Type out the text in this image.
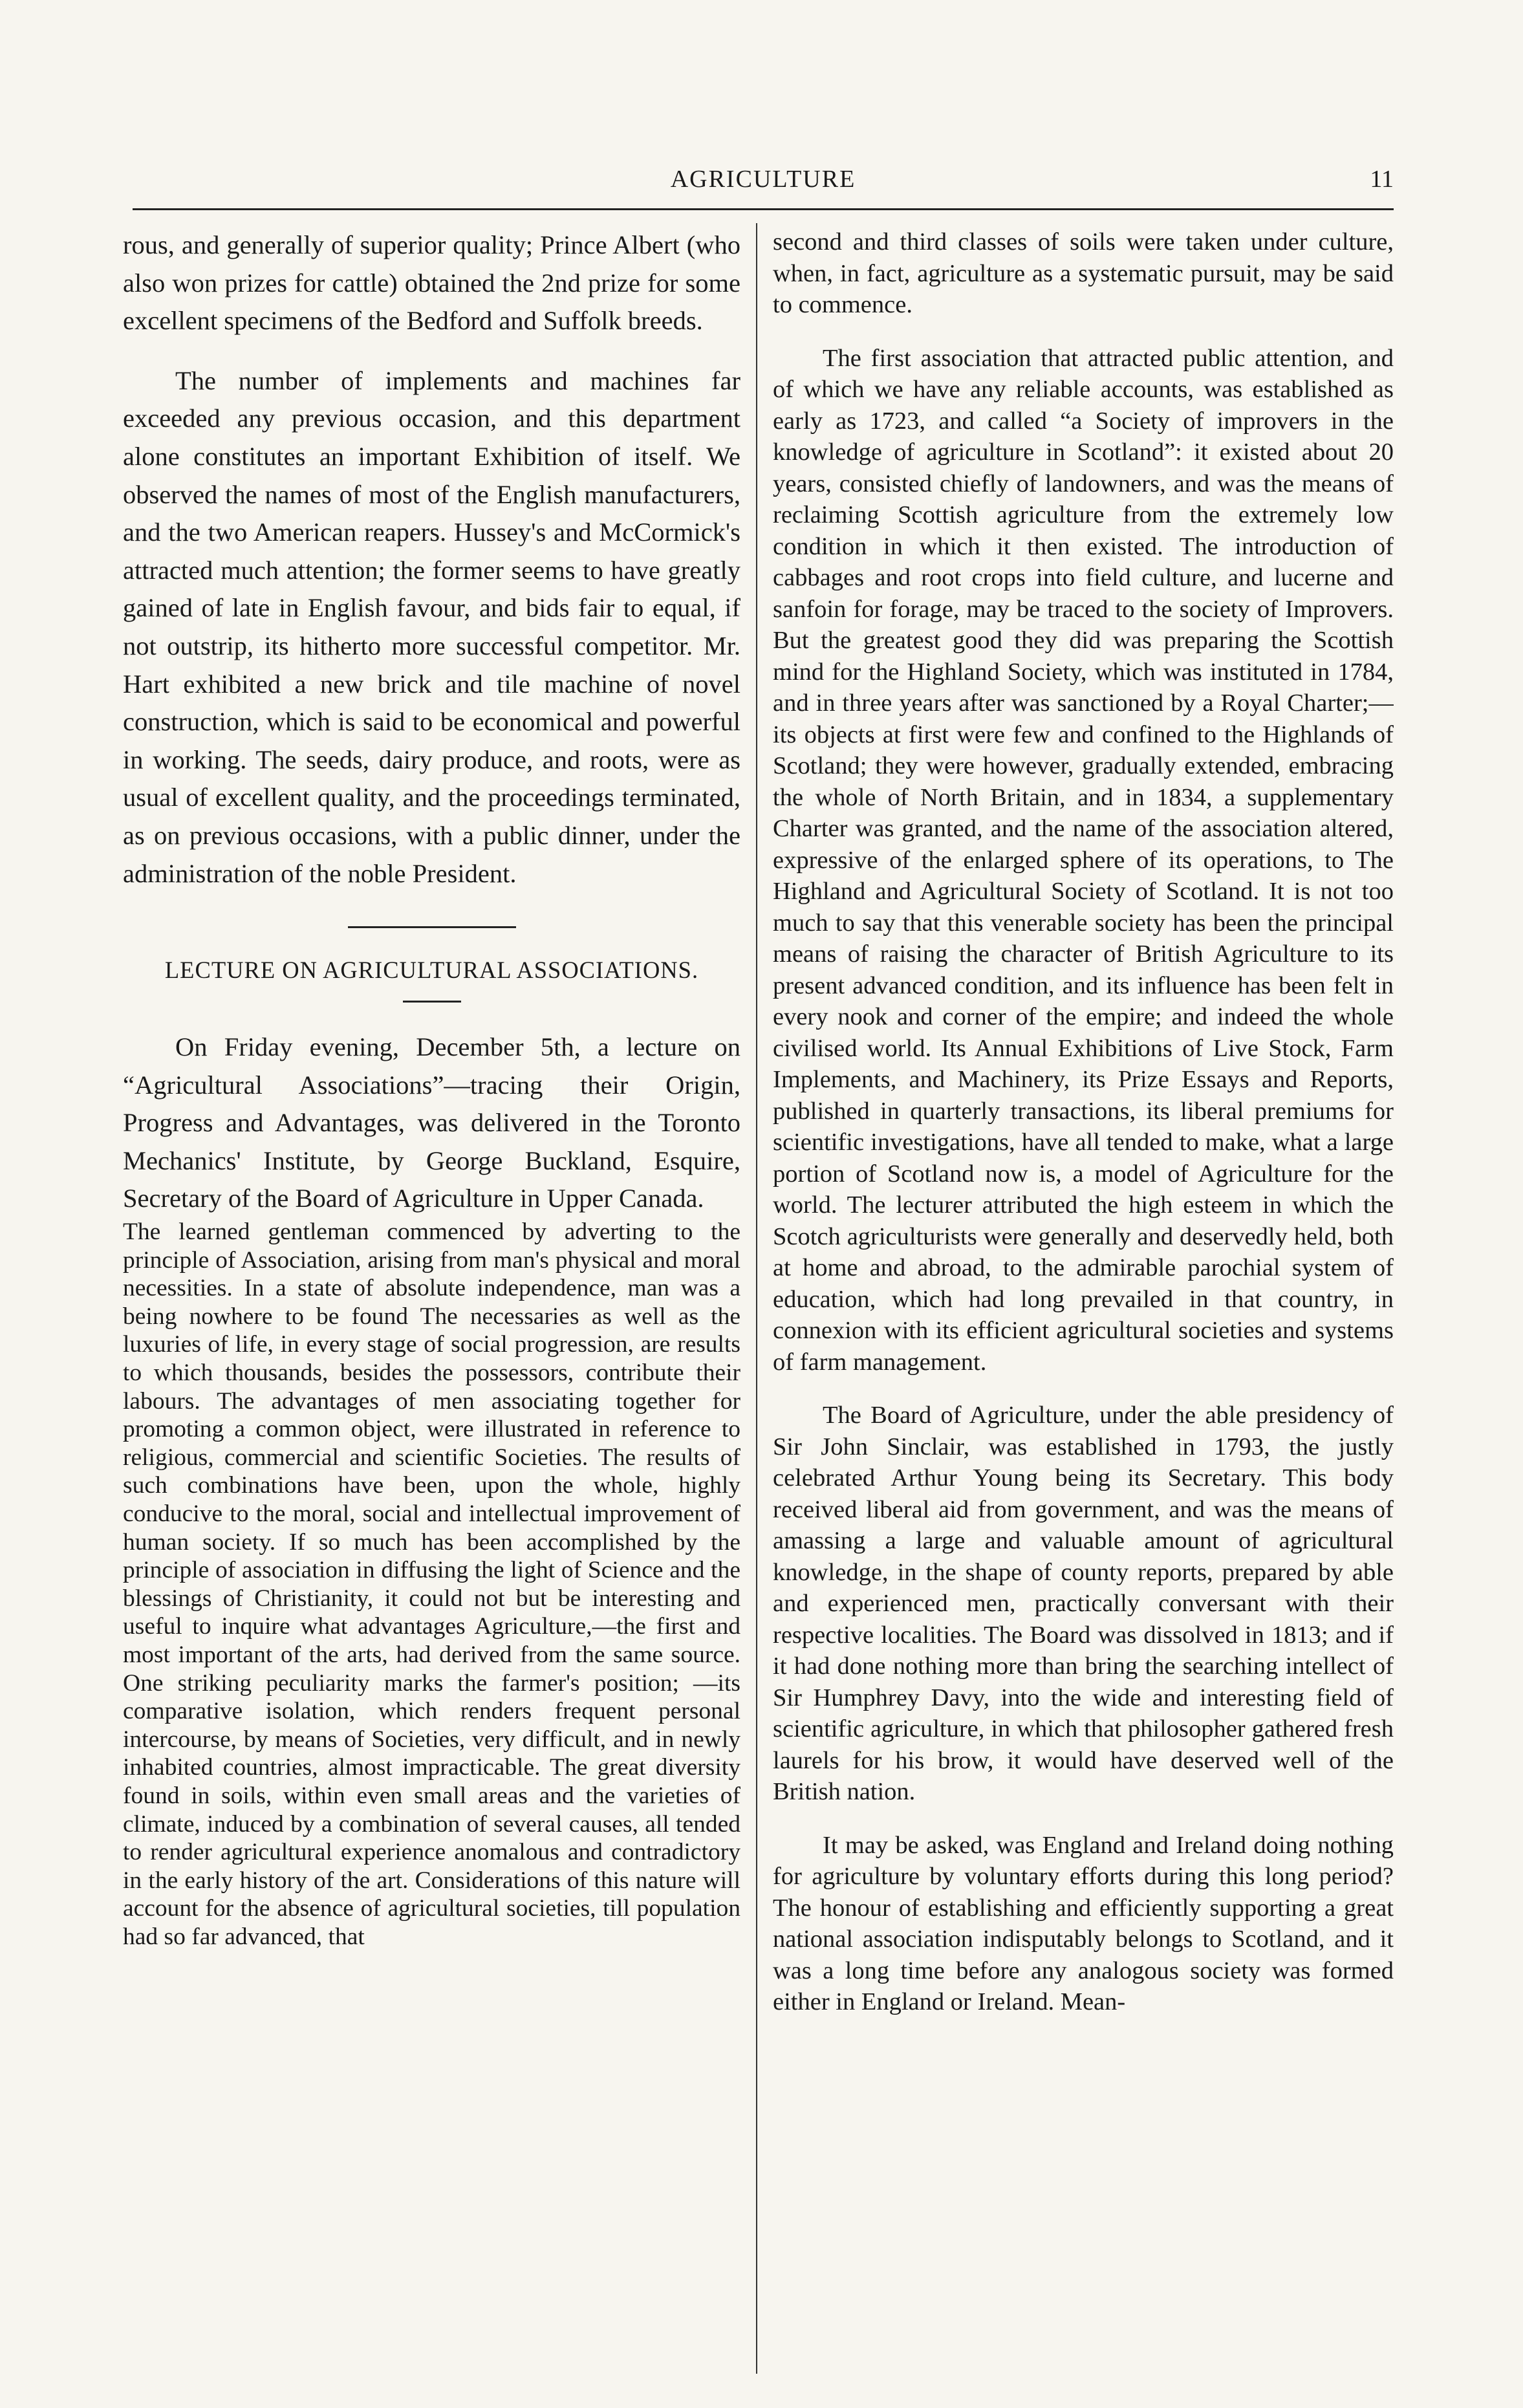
AGRICULTURE	11

rous, and generally of superior quality; Prince Albert (who also won prizes for cattle) obtained the 2nd prize for some excellent specimens of the Bedford and Suffolk breeds.

The number of implements and machines far exceeded any previous occasion, and this department alone constitutes an important Exhibition of itself. We observed the names of most of the English manufacturers, and the two American reapers. Hussey's and McCormick's attracted much attention; the former seems to have greatly gained of late in English favour, and bids fair to equal, if not outstrip, its hitherto more successful competitor. Mr. Hart exhibited a new brick and tile machine of novel construction, which is said to be economical and powerful in working. The seeds, dairy produce, and roots, were as usual of excellent quality, and the proceedings terminated, as on previous occasions, with a public dinner, under the administration of the noble President.

LECTURE ON AGRICULTURAL ASSOCIATIONS.

On Friday evening, December 5th, a lecture on “Agricultural Associations”—tracing their Origin, Progress and Advantages, was delivered in the Toronto Mechanics' Institute, by George Buckland, Esquire, Secretary of the Board of Agriculture in Upper Canada.

The learned gentleman commenced by adverting to the principle of Association, arising from man's physical and moral necessities. In a state of absolute independence, man was a being nowhere to be found The necessaries as well as the luxuries of life, in every stage of social progression, are results to which thousands, besides the possessors, contribute their labours. The advantages of men associating together for promoting a common object, were illustrated in reference to religious, commercial and scientific Societies. The results of such combinations have been, upon the whole, highly conducive to the moral, social and intellectual improvement of human society. If so much has been accomplished by the principle of association in diffusing the light of Science and the blessings of Christianity, it could not but be interesting and useful to inquire what advantages Agriculture,—the first and most important of the arts, had derived from the same source. One striking peculiarity marks the farmer's position; —its comparative isolation, which renders frequent personal intercourse, by means of Societies, very difficult, and in newly inhabited countries, almost impracticable. The great diversity found in soils, within even small areas and the varieties of climate, induced by a combination of several causes, all tended to render agricultural experience anomalous and contradictory in the early history of the art. Considerations of this nature will account for the absence of agricultural societies, till population had so far advanced, that

second and third classes of soils were taken under culture, when, in fact, agriculture as a systematic pursuit, may be said to commence.

The first association that attracted public attention, and of which we have any reliable accounts, was established as early as 1723, and called “a Society of improvers in the knowledge of agriculture in Scotland”: it existed about 20 years, consisted chiefly of landowners, and was the means of reclaiming Scottish agriculture from the extremely low condition in which it then existed. The introduction of cabbages and root crops into field culture, and lucerne and sanfoin for forage, may be traced to the society of Improvers. But the greatest good they did was preparing the Scottish mind for the Highland Society, which was instituted in 1784, and in three years after was sanctioned by a Royal Charter;—its objects at first were few and confined to the Highlands of Scotland; they were however, gradually extended, embracing the whole of North Britain, and in 1834, a supplementary Charter was granted, and the name of the association altered, expressive of the enlarged sphere of its operations, to The Highland and Agricultural Society of Scotland. It is not too much to say that this venerable society has been the principal means of raising the character of British Agriculture to its present advanced condition, and its influence has been felt in every nook and corner of the empire; and indeed the whole civilised world. Its Annual Exhibitions of Live Stock, Farm Implements, and Machinery, its Prize Essays and Reports, published in quarterly transactions, its liberal premiums for scientific investigations, have all tended to make, what a large portion of Scotland now is, a model of Agriculture for the world. The lecturer attributed the high esteem in which the Scotch agriculturists were generally and deservedly held, both at home and abroad, to the admirable parochial system of education, which had long prevailed in that country, in connexion with its efficient agricultural societies and systems of farm management.

The Board of Agriculture, under the able presidency of Sir John Sinclair, was established in 1793, the justly celebrated Arthur Young being its Secretary. This body received liberal aid from government, and was the means of amassing a large and valuable amount of agricultural knowledge, in the shape of county reports, prepared by able and experienced men, practically conversant with their respective localities. The Board was dissolved in 1813; and if it had done nothing more than bring the searching intellect of Sir Humphrey Davy, into the wide and interesting field of scientific agriculture, in which that philosopher gathered fresh laurels for his brow, it would have deserved well of the British nation.

It may be asked, was England and Ireland doing nothing for agriculture by voluntary efforts during this long period? The honour of establishing and efficiently supporting a great national association indisputably belongs to Scotland, and it was a long time before any analogous society was formed either in England or Ireland. Mean-
